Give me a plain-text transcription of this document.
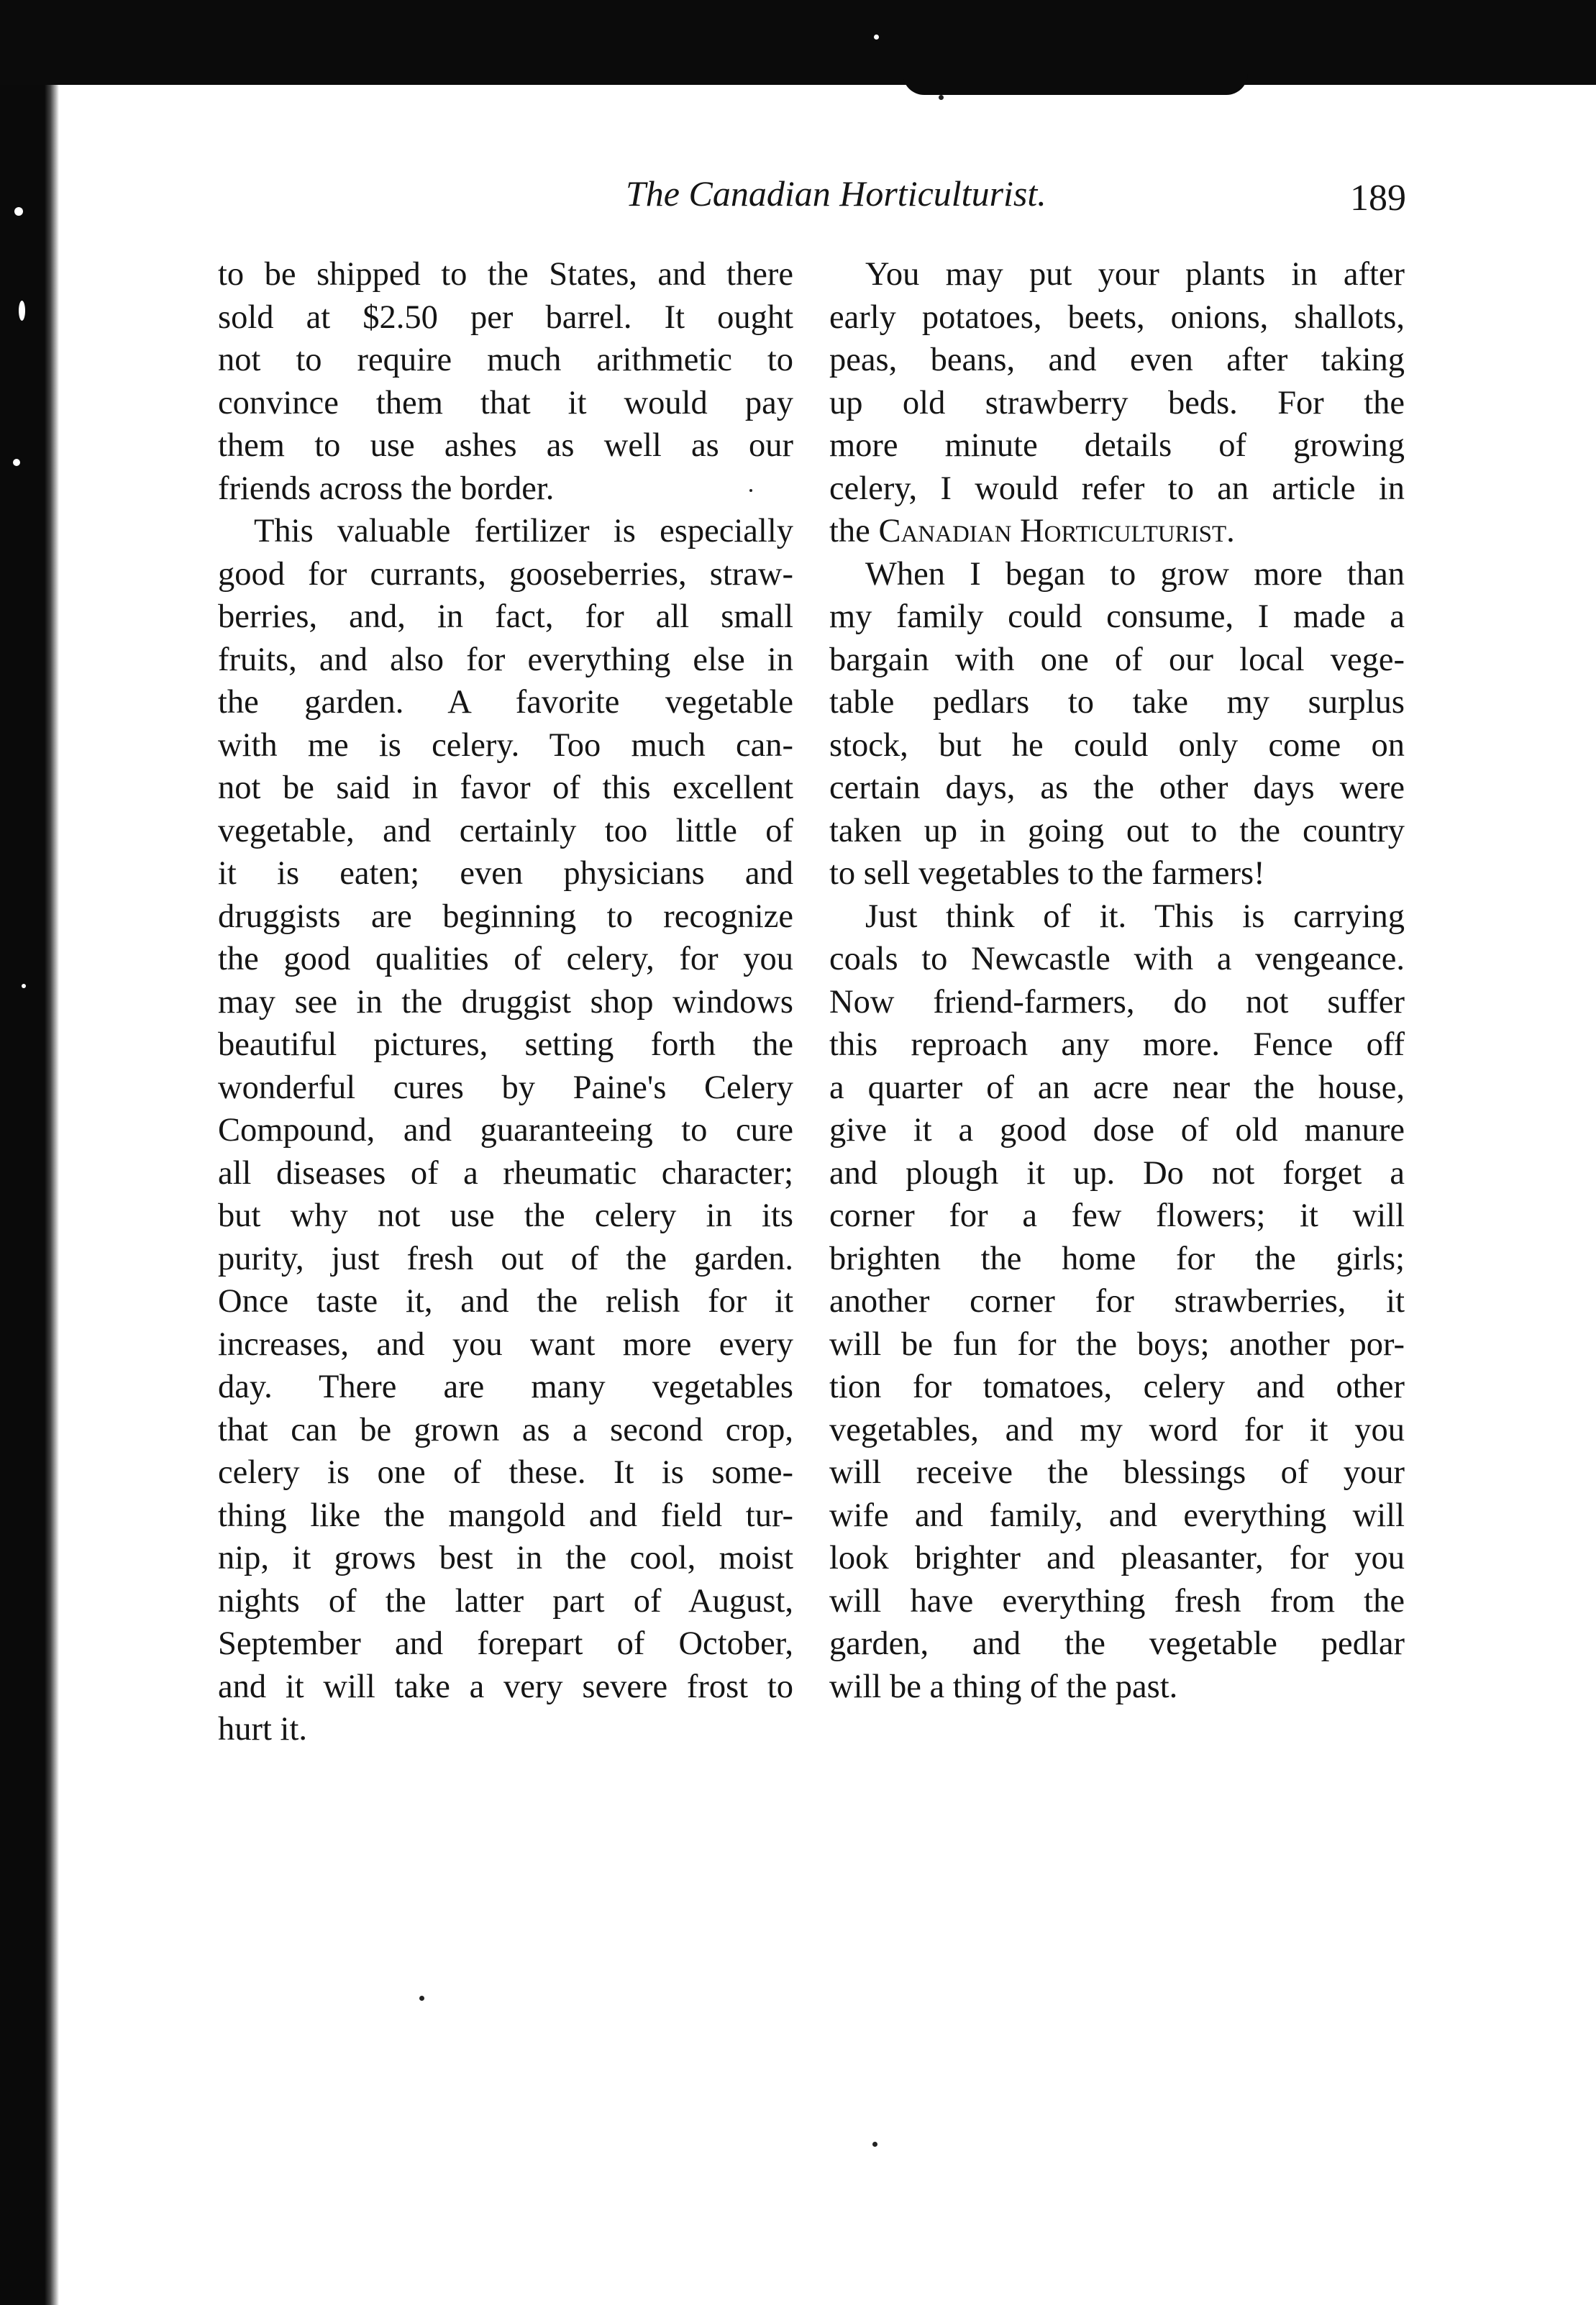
The Canadian Horticulturist.	189
to be shipped to the States, and there
sold at $2.50 per barrel. It ought
not to require much arithmetic to
convince them that it would pay
them to use ashes as well as our
friends across the border.
This valuable fertilizer is especially
good for currants, gooseberries, straw-
berries, and, in fact, for all small
fruits, and also for everything else in
the garden. A favorite vegetable
with me is celery. Too much can-
not be said in favor of this excellent
vegetable, and certainly too little of
it is eaten; even physicians and
druggists are beginning to recognize
the good qualities of celery, for you
may see in the druggist shop windows
beautiful pictures, setting forth the
wonderful cures by Paine's Celery
Compound, and guaranteeing to cure
all diseases of a rheumatic character;
but why not use the celery in its
purity, just fresh out of the garden.
Once taste it, and the relish for it
increases, and you want more every
day. There are many vegetables
that can be grown as a second crop,
celery is one of these. It is some-
thing like the mangold and field tur-
nip, it grows best in the cool, moist
nights of the latter part of August,
September and forepart of October,
and it will take a very severe frost to
hurt it.
You may put your plants in after
early potatoes, beets, onions, shallots,
peas, beans, and even after taking
up old strawberry beds. For the
more minute details of growing
celery, I would refer to an article in
the Canadian Horticulturist.
When I began to grow more than
my family could consume, I made a
bargain with one of our local vege-
table pedlars to take my surplus
stock, but he could only come on
certain days, as the other days were
taken up in going out to the country
to sell vegetables to the farmers!
Just think of it. This is carrying
coals to Newcastle with a vengeance.
Now friend-farmers, do not suffer
this reproach any more. Fence off
a quarter of an acre near the house,
give it a good dose of old manure
and plough it up. Do not forget a
corner for a few flowers; it will
brighten the home for the girls;
another corner for strawberries, it
will be fun for the boys; another por-
tion for tomatoes, celery and other
vegetables, and my word for it you
will receive the blessings of your
wife and family, and everything will
look brighter and pleasanter, for you
will have everything fresh from the
garden, and the vegetable pedlar
will be a thing of the past.
